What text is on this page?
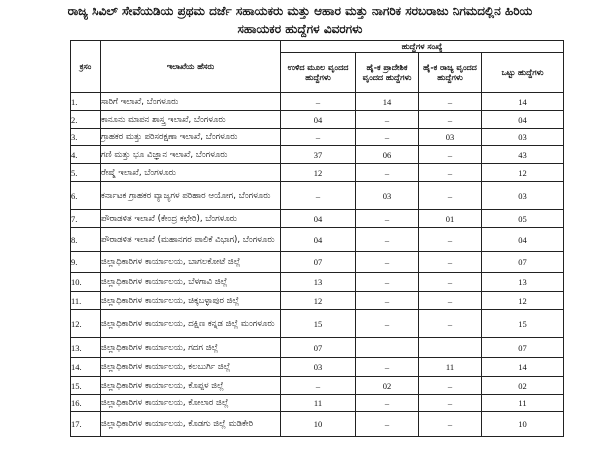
ರಾಜ್ಯ ಸಿವಿಲ್ ಸೇವೆಯಡಿಯ ಪ್ರಥಮ ದರ್ಜೆ ಸಹಾಯಕರು ಮತ್ತು ಆಹಾರ ಮತ್ತು ನಾಗರಿಕ ಸರಬರಾಜು ನಿಗಮದಲ್ಲಿನ ಹಿರಿಯ
ಸಹಾಯಕರ ಹುದ್ದೆಗಳ ವಿವರಗಳು
ಕ್ರಸಂ	ಇಲಾಖೆಯ ಹೆಸರು	ಹುದ್ದೆಗಳ ಸಂಖ್ಯೆ			
		ಉಳಿದ ಮೂಲ ವೃಂದದ ಹುದ್ದೆಗಳು	ಹೈ-ಕ ಪ್ರಾದೇಶಿಕ ವೃಂದದ ಹುದ್ದೆಗಳು	ಹೈ-ಕ ರಾಜ್ಯ ವೃಂದದ ಹುದ್ದೆಗಳು	ಒಟ್ಟು ಹುದ್ದೆಗಳು
1.	ಸಾರಿಗೆ ಇಲಾಖೆ, ಬೆಂಗಳೂರು	–	14	–	14
2.	ಕಾನೂನು ಮಾಪನ ಶಾಸ್ತ್ರ ಇಲಾಖೆ, ಬೆಂಗಳೂರು	04	–	–	04
3.	ಗ್ರಾಹಕರ ಮತ್ತು ಪರಿಸರಕ್ಷಣಾ ಇಲಾಖೆ, ಬೆಂಗಳೂರು	–	–	03	03
4.	ಗಣಿ ಮತ್ತು ಭೂ ವಿಜ್ಞಾನ ಇಲಾಖೆ, ಬೆಂಗಳೂರು	37	06	–	43
5.	ರೇಷ್ಮೆ ಇಲಾಖೆ, ಬೆಂಗಳೂರು	12	–	–	12
6.	ಕರ್ನಾಟಕ ಗ್ರಾಹಕರ ವ್ಯಾಜ್ಯಗಳ ಪರಿಹಾರ ಆಯೋಗ, ಬೆಂಗಳೂರು	–	03	–	03
7.	ಪೌರಾಡಳಿತ ಇಲಾಖೆ (ಕೇಂದ್ರ ಕಛೇರಿ), ಬೆಂಗಳೂರು	04	–	01	05
8.	ಪೌರಾಡಳಿತ ಇಲಾಖೆ (ಮಹಾನಗರ ಪಾಲಿಕೆ ವಿಭಾಗ), ಬೆಂಗಳೂರು	04	–	–	04
9.	ಜಿಲ್ಲಾಧಿಕಾರಿಗಳ ಕಾರ್ಯಾಲಯ, ಬಾಗಲಕೋಟೆ ಜಿಲ್ಲೆ	07	–	–	07
10.	ಜಿಲ್ಲಾಧಿಕಾರಿಗಳ ಕಾರ್ಯಾಲಯ, ಬೆಳಗಾವಿ ಜಿಲ್ಲೆ	13	–	–	13
11.	ಜಿಲ್ಲಾಧಿಕಾರಿಗಳ ಕಾರ್ಯಾಲಯ, ಚಿಕ್ಕಬಳ್ಳಾಪುರ ಜಿಲ್ಲೆ	12	–	–	12
12.	ಜಿಲ್ಲಾಧಿಕಾರಿಗಳ ಕಾರ್ಯಾಲಯ, ದಕ್ಷಿಣ ಕನ್ನಡ ಜಿಲ್ಲೆ ಮಂಗಳೂರು	15	–	–	15
13.	ಜಿಲ್ಲಾಧಿಕಾರಿಗಳ ಕಾರ್ಯಾಲಯ, ಗದಗ ಜಿಲ್ಲೆ	07			07
14.	ಜಿಲ್ಲಾಧಿಕಾರಿಗಳ ಕಾರ್ಯಾಲಯ, ಕಲಬುರ್ಗಿ ಜಿಲ್ಲೆ	03	–	11	14
15.	ಜಿಲ್ಲಾಧಿಕಾರಿಗಳ ಕಾರ್ಯಾಲಯ, ಕೊಪ್ಪಳ ಜಿಲ್ಲೆ	–	02	–	02
16.	ಜಿಲ್ಲಾಧಿಕಾರಿಗಳ ಕಾರ್ಯಾಲಯ, ಕೋಲಾರ ಜಿಲ್ಲೆ	11	–	–	11
17.	ಜಿಲ್ಲಾಧಿಕಾರಿಗಳ ಕಾರ್ಯಾಲಯ, ಕೊಡಗು ಜಿಲ್ಲೆ ಮಡಿಕೇರಿ	10	–	–	10
